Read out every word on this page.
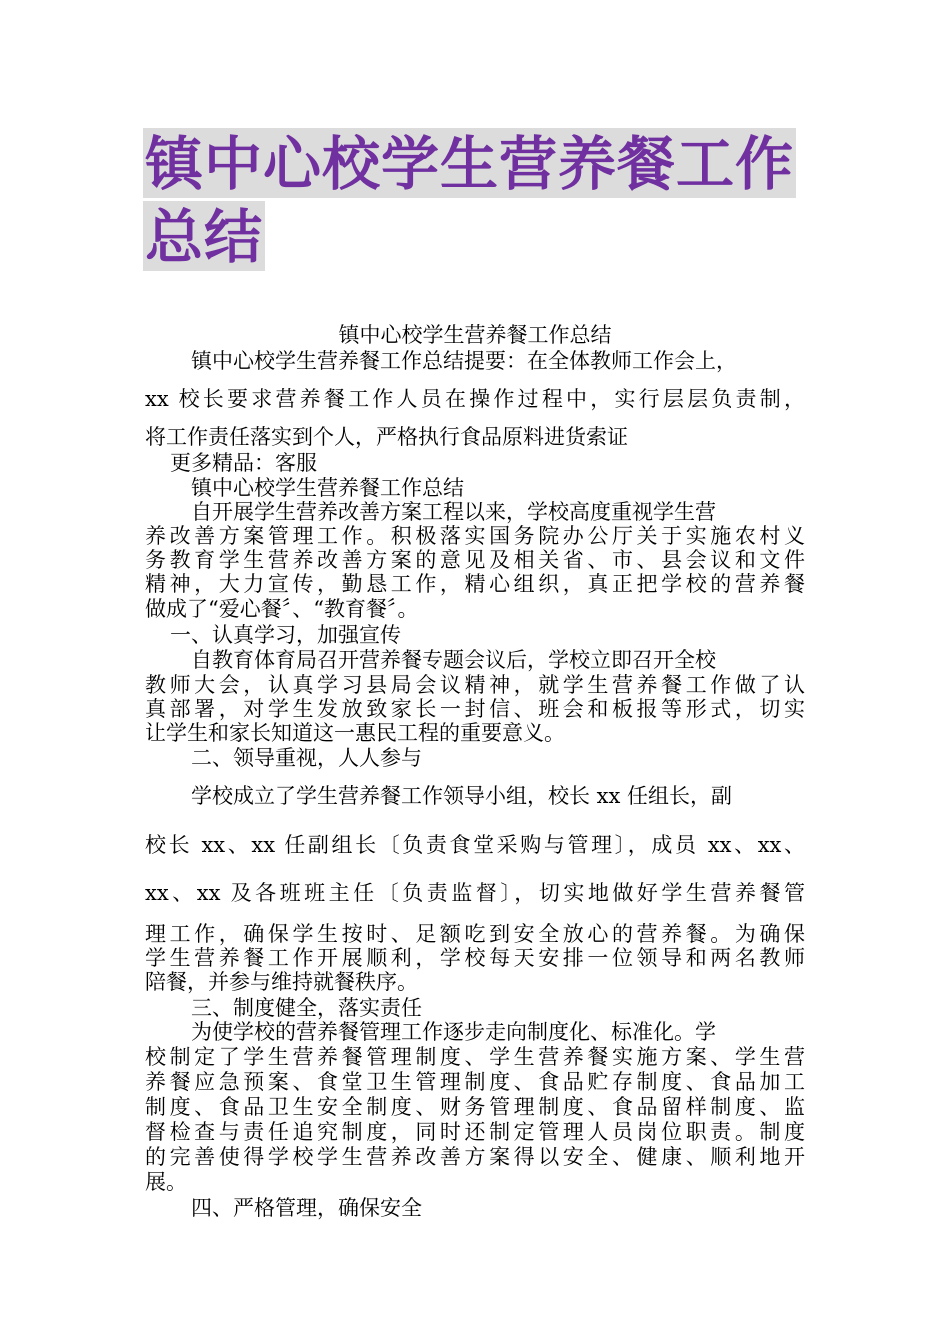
镇中心校学生营养餐工作
总结
镇中心校学生营养餐工作总结
镇中心校学生营养餐工作总结提要：在全体教师工作会上，
xx 校长要求营养餐工作人员在操作过程中，实行层层负责制，
将工作责任落实到个人，严格执行食品原料进货索证
更多精品：客服
镇中心校学生营养餐工作总结
自开展学生营养改善方案工程以来，学校高度重视学生营
养改善方案管理工作。积极落实国务院办公厅关于实施农村义
务教育学生营养改善方案的意见及相关省、市、县会议和文件
精神，大力宣传，勤恳工作，精心组织，真正把学校的营养餐
做成了“爱心餐〞、“教育餐〞。
一、认真学习，加强宣传
自教育体育局召开营养餐专题会议后，学校立即召开全校
教师大会，认真学习县局会议精神，就学生营养餐工作做了认
真部署，对学生发放致家长一封信、班会和板报等形式，切实
让学生和家长知道这一惠民工程的重要意义。
二、领导重视，人人参与
学校成立了学生营养餐工作领导小组，校长 xx 任组长，副
校长 xx、xx 任副组长〔负责食堂采购与管理〕，成员 xx、xx、
xx、xx 及各班班主任〔负责监督〕，切实地做好学生营养餐管
理工作，确保学生按时、足额吃到安全放心的营养餐。为确保
学生营养餐工作开展顺利，学校每天安排一位领导和两名教师
陪餐，并参与维持就餐秩序。
三、制度健全，落实责任
为使学校的营养餐管理工作逐步走向制度化、标准化。学
校制定了学生营养餐管理制度、学生营养餐实施方案、学生营
养餐应急预案、食堂卫生管理制度、食品贮存制度、食品加工
制度、食品卫生安全制度、财务管理制度、食品留样制度、监
督检查与责任追究制度，同时还制定管理人员岗位职责。制度
的完善使得学校学生营养改善方案得以安全、健康、顺利地开
展。
四、严格管理，确保安全
